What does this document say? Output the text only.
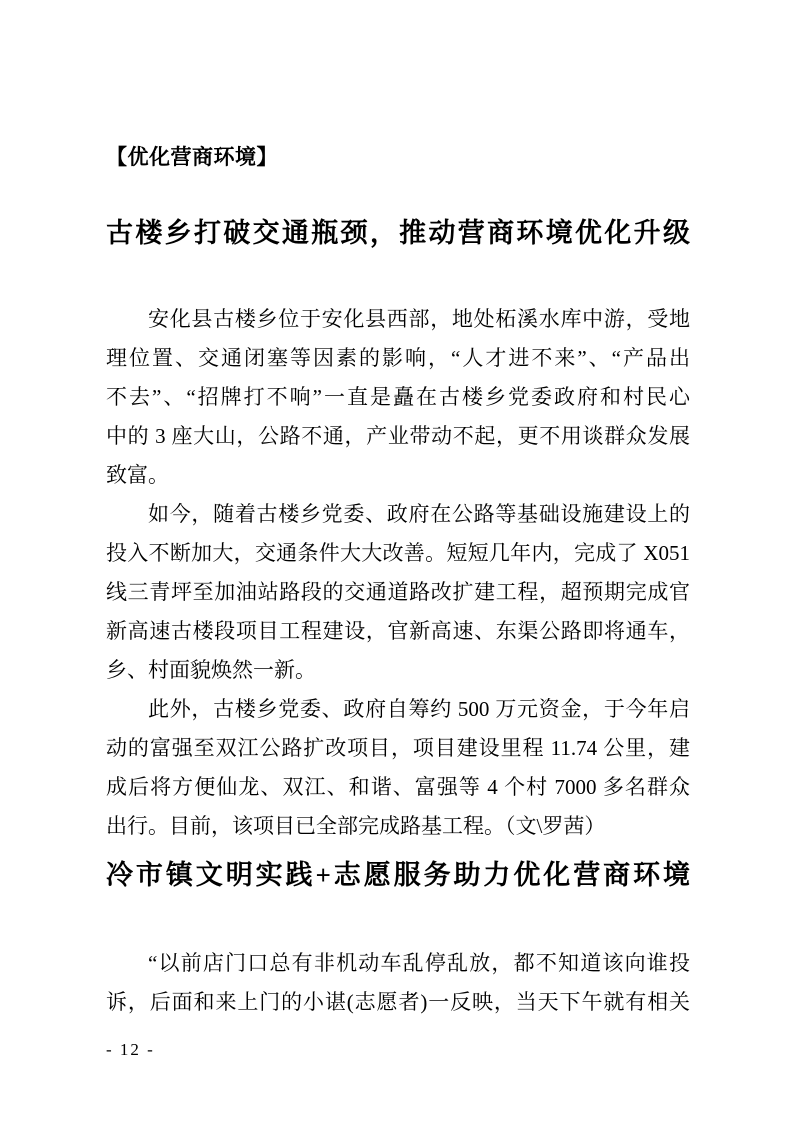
【优化营商环境】
古楼乡打破交通瓶颈，推动营商环境优化升级
安化县古楼乡位于安化县西部，地处柘溪水库中游，受地
理位置、交通闭塞等因素的影响，“人才进不来”、“产品出
不去”、“招牌打不响”一直是矗在古楼乡党委政府和村民心
中的 3 座大山，公路不通，产业带动不起，更不用谈群众发展
致富。
如今，随着古楼乡党委、政府在公路等基础设施建设上的
投入不断加大，交通条件大大改善。短短几年内，完成了 X051
线三青坪至加油站路段的交通道路改扩建工程，超预期完成官
新高速古楼段项目工程建设，官新高速、东渠公路即将通车，
乡、村面貌焕然一新。
此外，古楼乡党委、政府自筹约 500 万元资金，于今年启
动的富强至双江公路扩改项目，项目建设里程 11.74 公里，建
成后将方便仙龙、双江、和谐、富强等 4 个村 7000 多名群众
出行。目前，该项目已全部完成路基工程。（文\罗茜）
冷市镇文明实践+志愿服务助力优化营商环境
“以前店门口总有非机动车乱停乱放，都不知道该向谁投
诉，后面和来上门的小谌(志愿者)一反映，当天下午就有相关
- 12 -
